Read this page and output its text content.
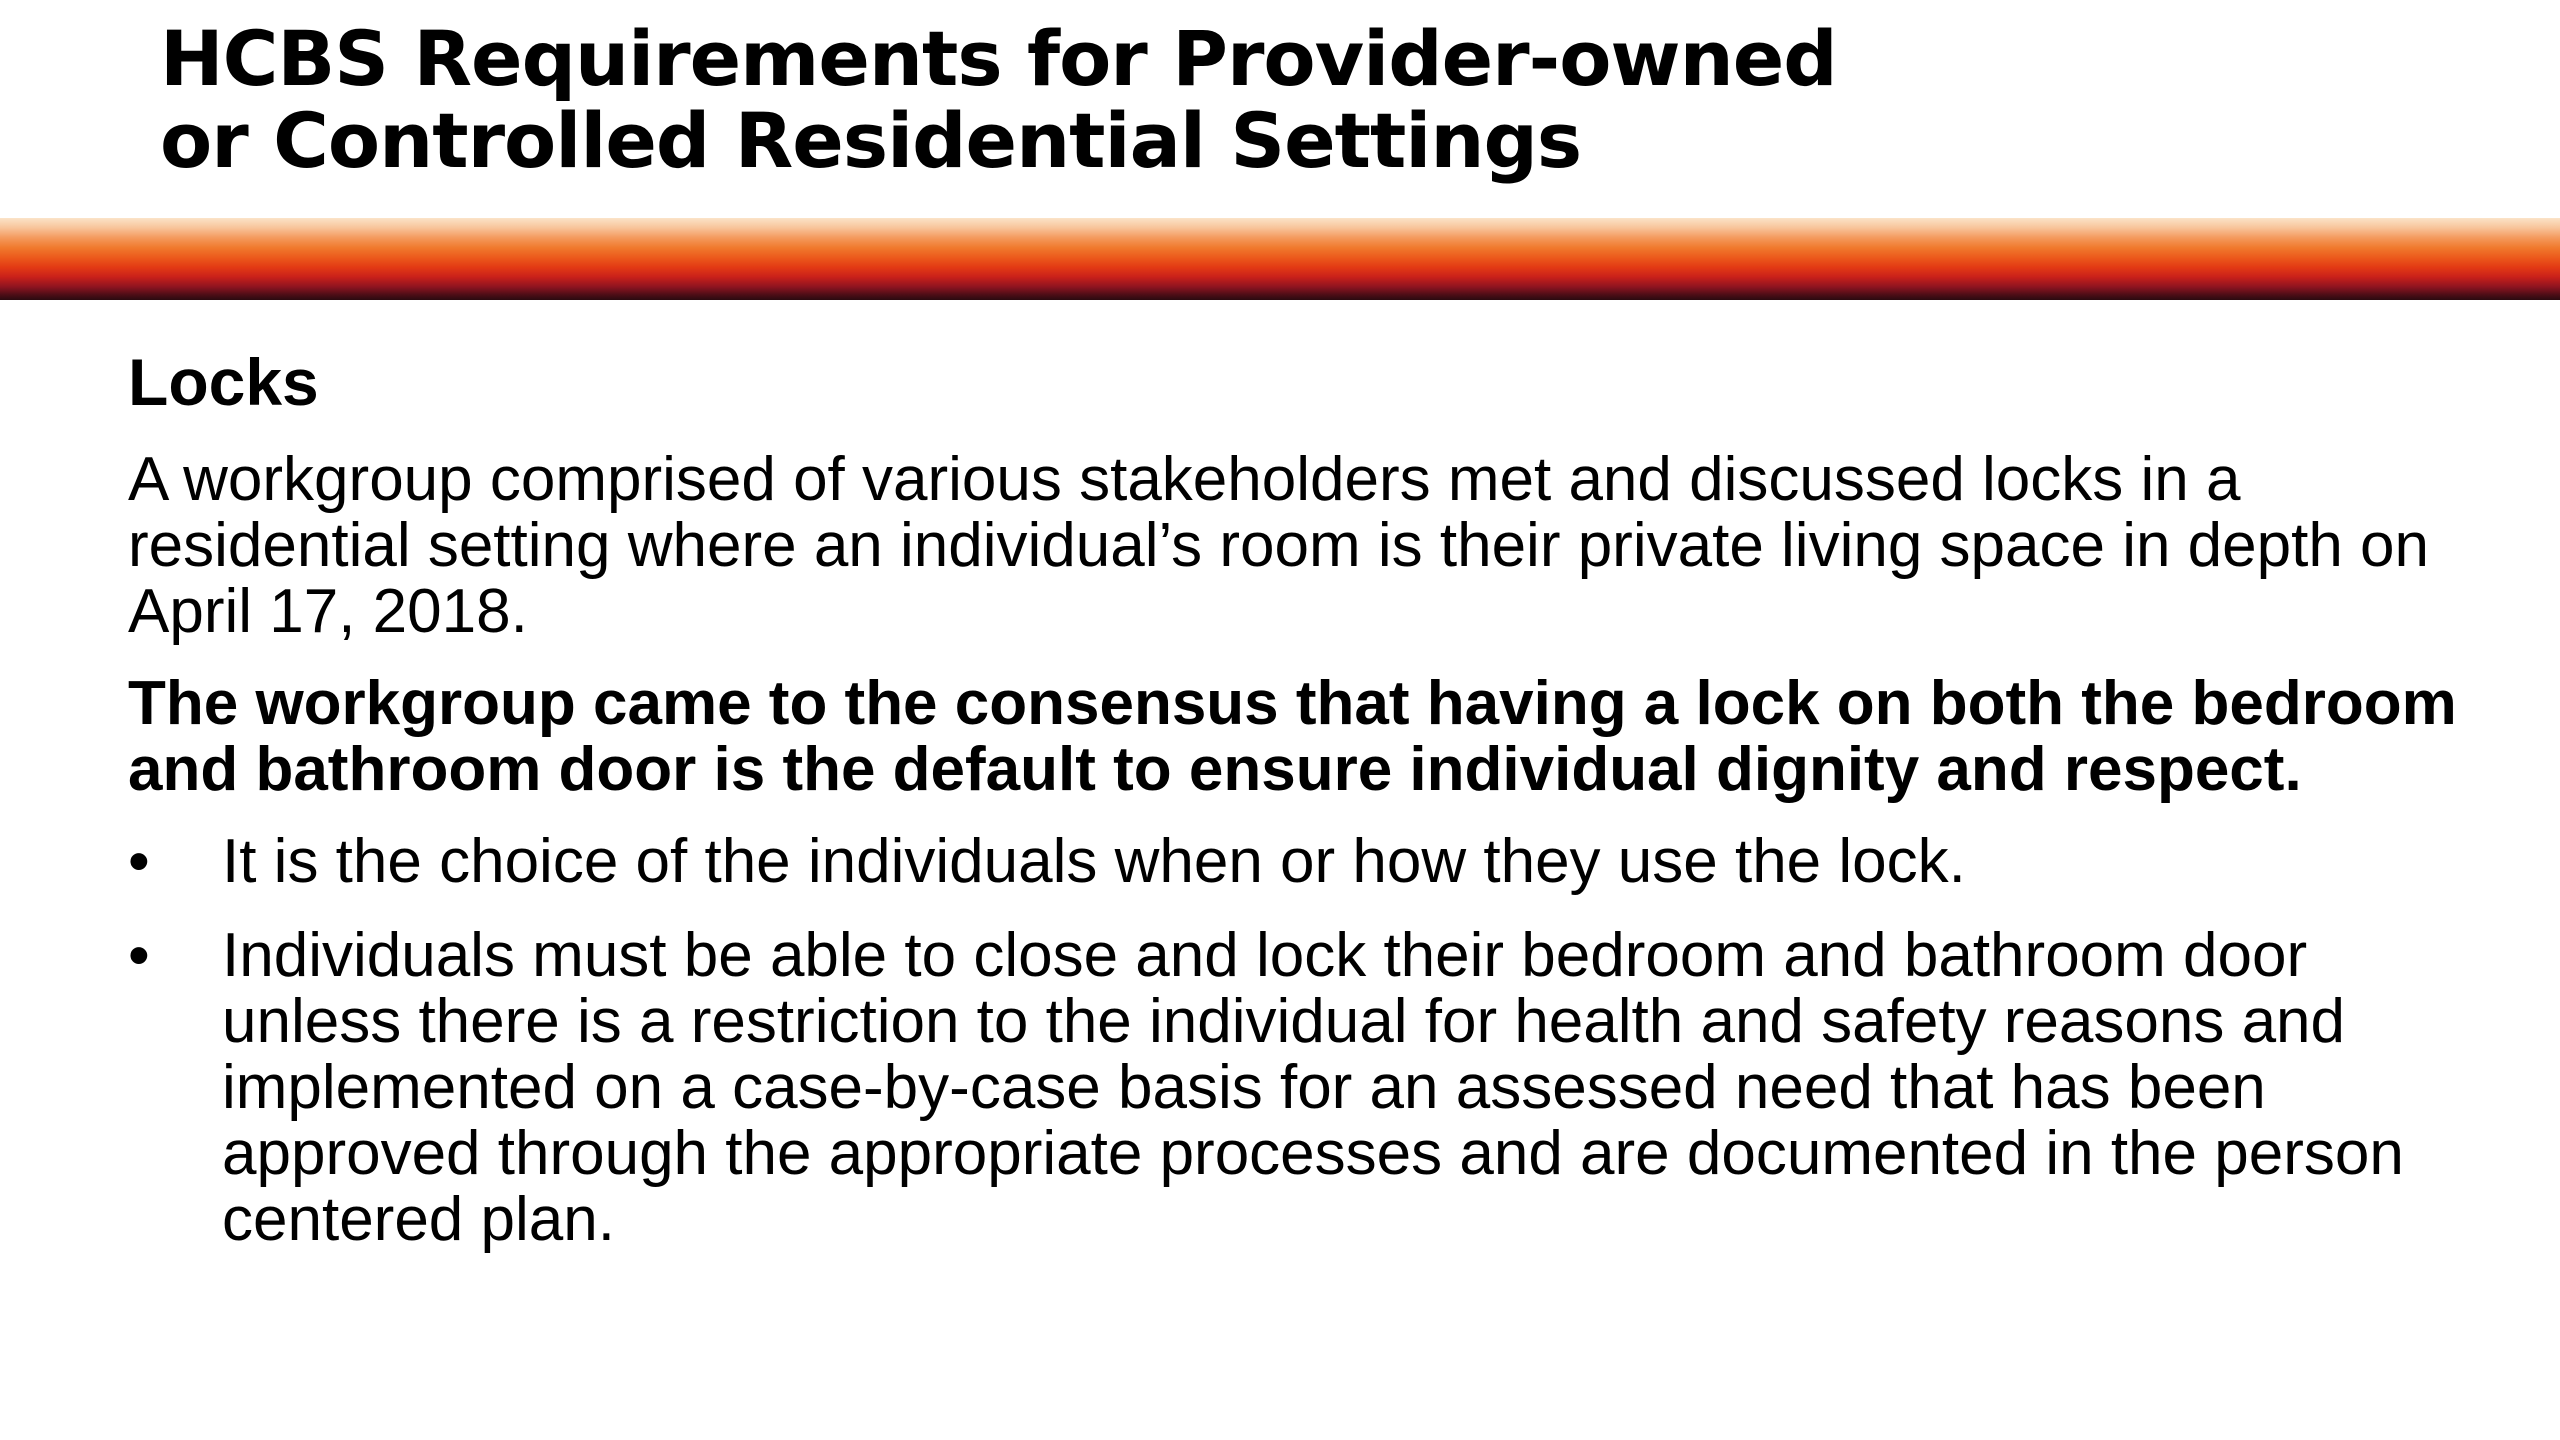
HCBS Requirements for Provider-owned
or Controlled Residential Settings

Locks

A workgroup comprised of various stakeholders met and discussed locks in a residential setting where an individual’s room is their private living space in depth on April 17, 2018.

The workgroup came to the consensus that having a lock on both the bedroom and bathroom door is the default to ensure individual dignity and respect.

• It is the choice of the individuals when or how they use the lock.
• Individuals must be able to close and lock their bedroom and bathroom door unless there is a restriction to the individual for health and safety reasons and implemented on a case-by-case basis for an assessed need that has been approved through the appropriate processes and are documented in the person centered plan.
